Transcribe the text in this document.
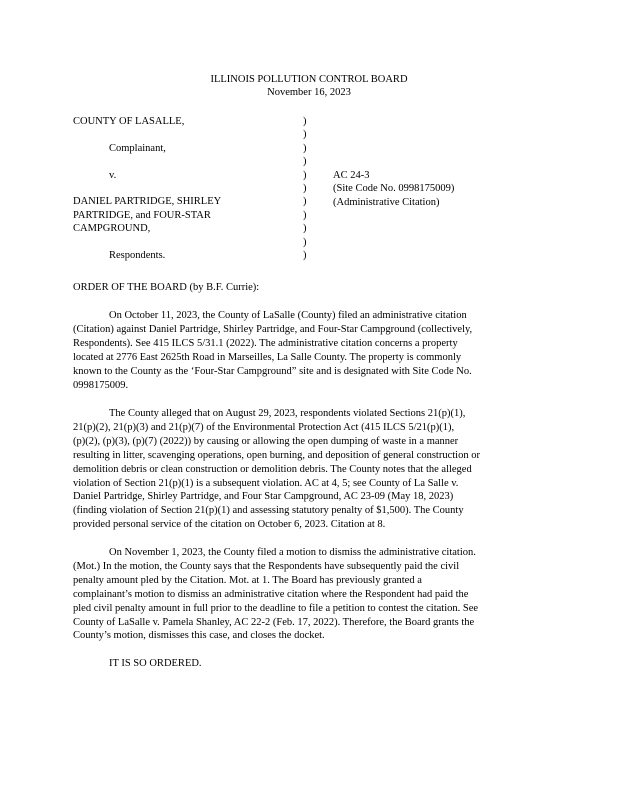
ILLINOIS POLLUTION CONTROL BOARD
November 16, 2023
COUNTY OF LASALLE,
Complainant,
v.
DANIEL PARTRIDGE, SHIRLEY
PARTRIDGE, and FOUR-STAR
CAMPGROUND,
Respondents.
)
)
)
)
)
)
)
)
)
)
)
AC 24-3
(Site Code No. 0998175009)
(Administrative Citation)
ORDER OF THE BOARD (by B.F. Currie):
On October 11, 2023, the County of LaSalle (County) filed an administrative citation
(Citation) against Daniel Partridge, Shirley Partridge, and Four-Star Campground (collectively,
Respondents). See 415 ILCS 5/31.1 (2022). The administrative citation concerns a property
located at 2776 East 2625th Road in Marseilles, La Salle County. The property is commonly
known to the County as the ‘Four-Star Campground” site and is designated with Site Code No.
0998175009.
The County alleged that on August 29, 2023, respondents violated Sections 21(p)(1),
21(p)(2), 21(p)(3) and 21(p)(7) of the Environmental Protection Act (415 ILCS 5/21(p)(1),
(p)(2), (p)(3), (p)(7) (2022)) by causing or allowing the open dumping of waste in a manner
resulting in litter, scavenging operations, open burning, and deposition of general construction or
demolition debris or clean construction or demolition debris. The County notes that the alleged
violation of Section 21(p)(1) is a subsequent violation. AC at 4, 5; see County of La Salle v.
Daniel Partridge, Shirley Partridge, and Four Star Campground, AC 23-09 (May 18, 2023)
(finding violation of Section 21(p)(1) and assessing statutory penalty of $1,500). The County
provided personal service of the citation on October 6, 2023. Citation at 8.
On November 1, 2023, the County filed a motion to dismiss the administrative citation.
(Mot.) In the motion, the County says that the Respondents have subsequently paid the civil
penalty amount pled by the Citation. Mot. at 1. The Board has previously granted a
complainant’s motion to dismiss an administrative citation where the Respondent had paid the
pled civil penalty amount in full prior to the deadline to file a petition to contest the citation. See
County of LaSalle v. Pamela Shanley, AC 22-2 (Feb. 17, 2022). Therefore, the Board grants the
County’s motion, dismisses this case, and closes the docket.
IT IS SO ORDERED.
